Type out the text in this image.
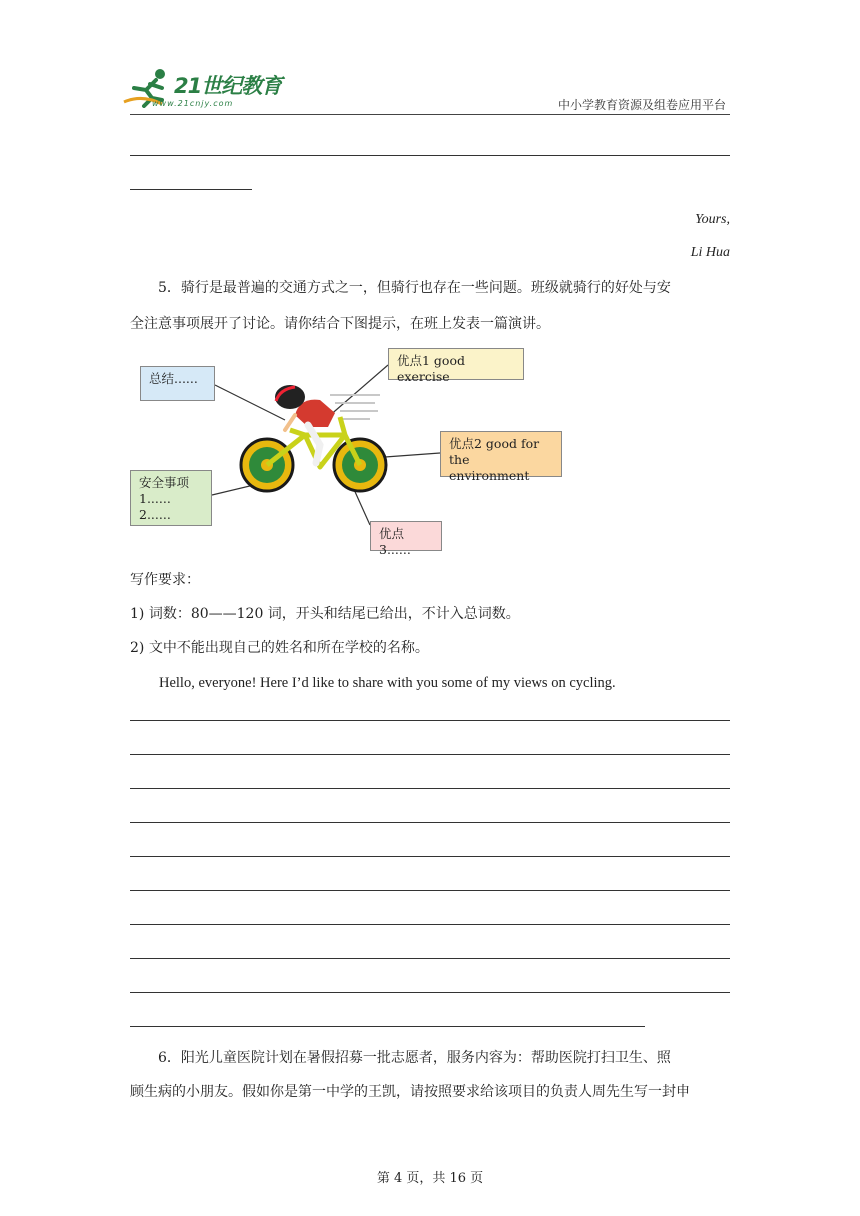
21世纪教育
www.21cnjy.com	中小学教育资源及组卷应用平台
Yours,
Li Hua
5．骑行是最普遍的交通方式之一，但骑行也存在一些问题。班级就骑行的好处与安
全注意事项展开了讨论。请你结合下图提示，在班上发表一篇演讲。
总结......
优点1 good exercise
优点2 good for the environment
优点3......
安全事项
1......
2......
写作要求：
1) 词数：80——120 词，开头和结尾已给出，不计入总词数。
2) 文中不能出现自己的姓名和所在学校的名称。
Hello, everyone! Here I’d like to share with you some of my views on cycling.
6．阳光儿童医院计划在暑假招募一批志愿者，服务内容为：帮助医院打扫卫生、照
顾生病的小朋友。假如你是第一中学的王凯，请按照要求给该项目的负责人周先生写一封申
第 4 页，共 16 页
